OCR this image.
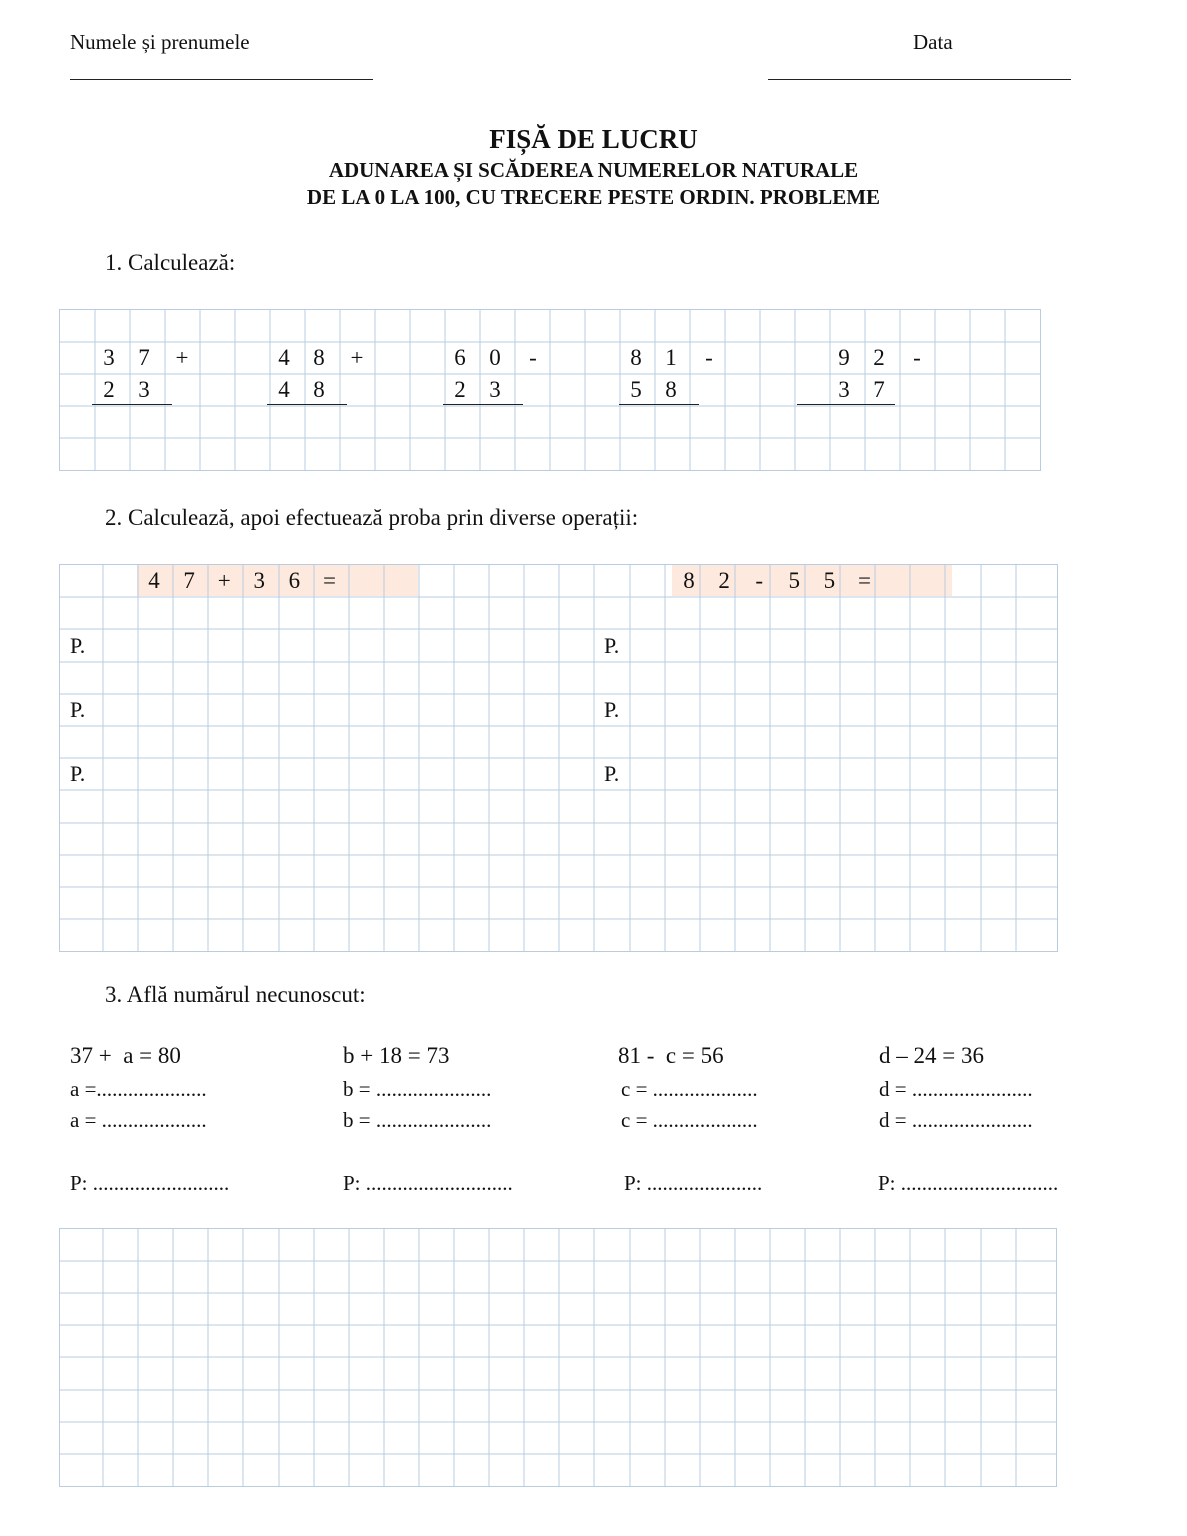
Numele și prenumele	Data
FIȘĂ DE LUCRU
ADUNAREA ȘI SCĂDEREA NUMERELOR NATURALE
DE LA 0 LA 100, CU TRECERE PESTE ORDIN. PROBLEME
1. Calculează:
3 7 +
2 3
4 8 +
4 8
6 0	-
2 3
8 1	-
5 8
9 2	-
3 7
2. Calculează, apoi efectuează proba prin diverse operații:
4 7 + 3 6 =	8 2	-	5 5 =
P.
P.
P.
P.
P.
P.
3. Află numărul necunoscut:
37 +  a = 80
a =.....................
a = ....................
P: ..........................
b + 18 = 73
b = ......................
b = ......................
P: ............................
81 -  c = 56
c = ....................
c = ....................
P: ......................
d – 24 = 36
d = .......................
d = .......................
P: ..............................
